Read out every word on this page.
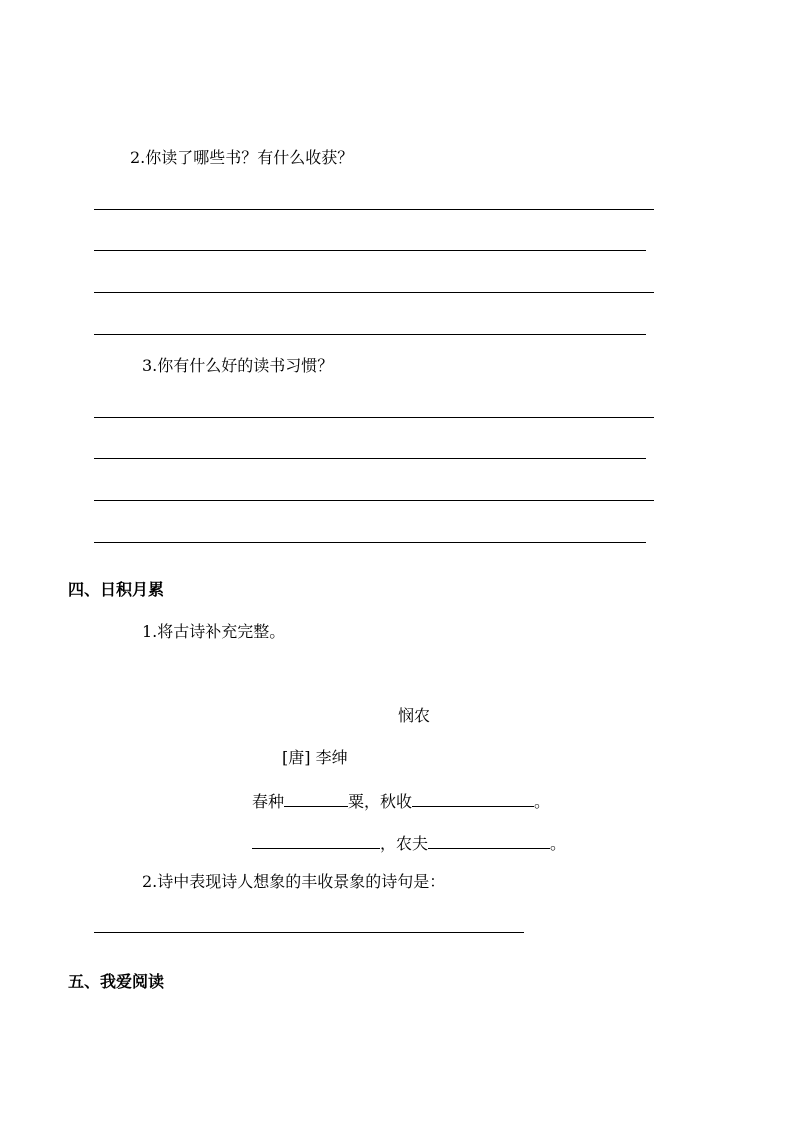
2.你读了哪些书？有什么收获？
3.你有什么好的读书习惯？
四、日积月累
1.将古诗补充完整。
悯农
[唐] 李绅
春种	粟，秋收	。
，农夫	。
2.诗中表现诗人想象的丰收景象的诗句是：
五、我爱阅读
